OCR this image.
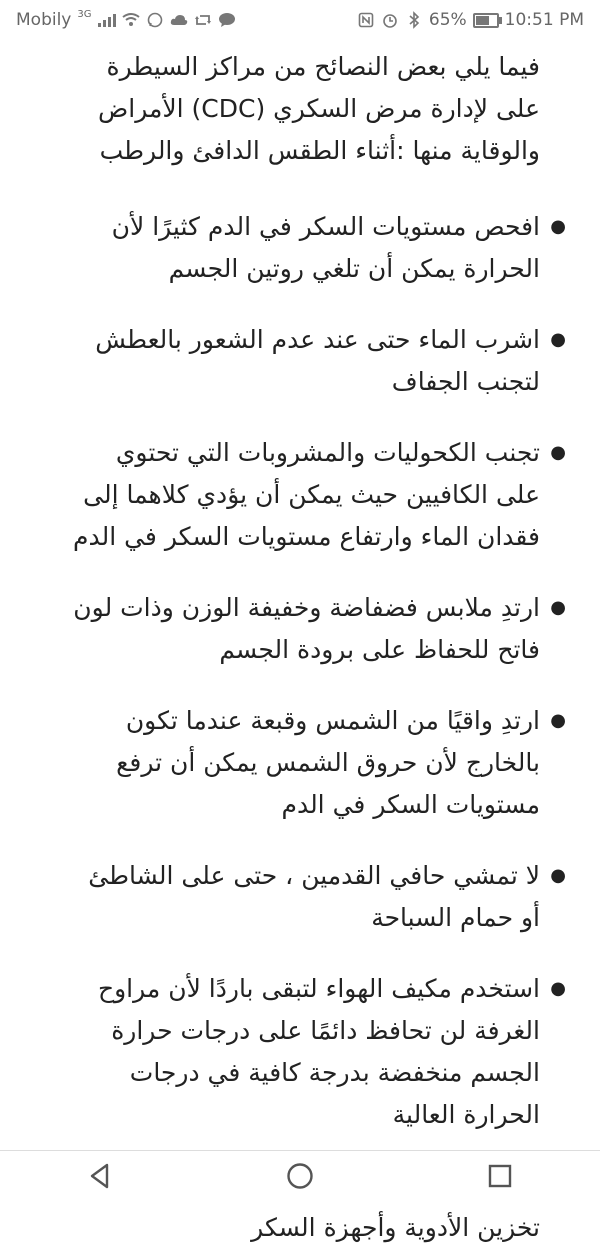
Mobily 3G	65% 10:51 PM

فيما يلي بعض النصائح من مراكز السيطرة على لإدارة مرض السكري (CDC) الأمراض والوقاية منها :أثناء الطقس الدافئ والرطب

●
افحص مستويات السكر في الدم كثيرًا لأن الحرارة يمكن أن تلغي روتين الجسم
●
اشرب الماء حتى عند عدم الشعور بالعطش لتجنب الجفاف
●
تجنب الكحوليات والمشروبات التي تحتوي على الكافيين حيث يمكن أن يؤدي كلاهما إلى فقدان الماء وارتفاع مستويات السكر في الدم
●
ارتدِ ملابس فضفاضة وخفيفة الوزن وذات لون فاتح للحفاظ على برودة الجسم
●
ارتدِ واقيًا من الشمس وقبعة عندما تكون بالخارج لأن حروق الشمس يمكن أن ترفع مستويات السكر في الدم
●
لا تمشي حافي القدمين ، حتى على الشاطئ أو حمام السباحة
●
استخدم مكيف الهواء لتبقى باردًا لأن مراوح الغرفة لن تحافظ دائمًا على درجات حرارة الجسم منخفضة بدرجة كافية في درجات الحرارة العالية

تخزين الأدوية وأجهزة السكر
